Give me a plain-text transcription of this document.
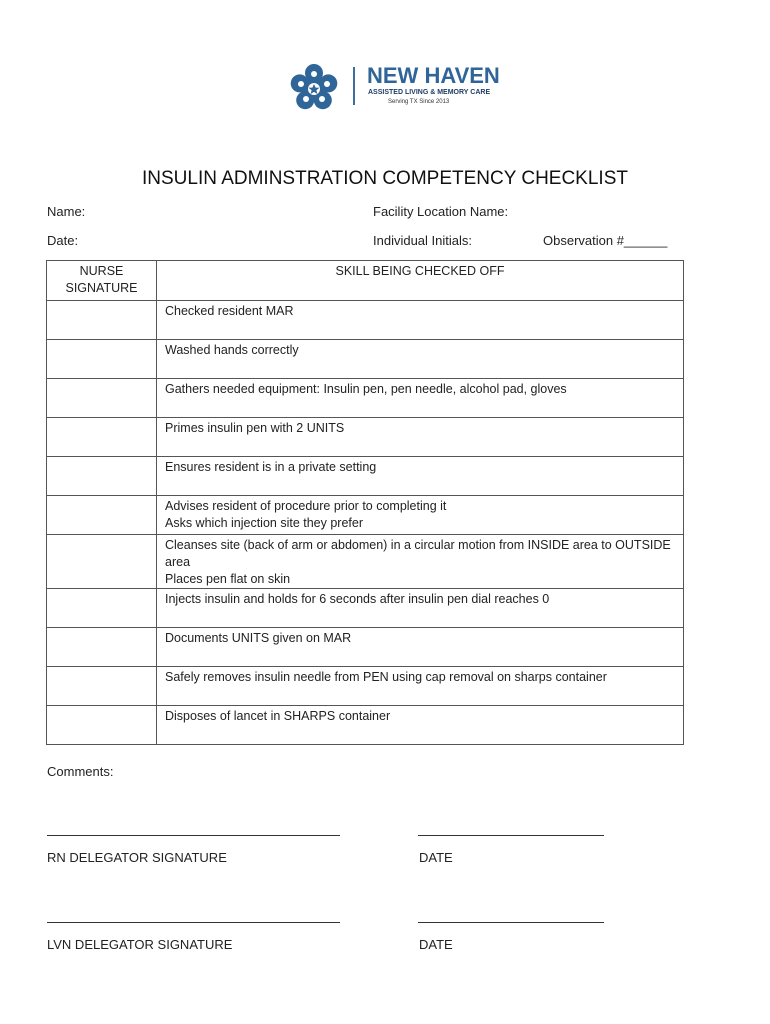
NEW HAVEN
ASSISTED LIVING & MEMORY CARE
Serving TX Since 2013
INSULIN ADMINSTRATION COMPETENCY CHECKLIST
Name:	Facility Location Name:
Date:	Individual Initials:	Observation #______
NURSE SIGNATURE	SKILL BEING CHECKED OFF

	Checked resident MAR

	Washed hands correctly

	Gathers needed equipment: Insulin pen, pen needle, alcohol pad, gloves

	Primes insulin pen with 2 UNITS

	Ensures resident is in a private setting

	Advises resident of procedure prior to completing it
Asks which injection site they prefer

	Cleanses site (back of arm or abdomen) in a circular motion from INSIDE area to OUTSIDE area
Places pen flat on skin

	Injects insulin and holds for 6 seconds after insulin pen dial reaches 0

	Documents UNITS given on MAR

	Safely removes insulin needle from PEN using cap removal on sharps container

	Disposes of lancet in SHARPS container
Comments:
RN DELEGATOR SIGNATURE	DATE
LVN DELEGATOR SIGNATURE	DATE
